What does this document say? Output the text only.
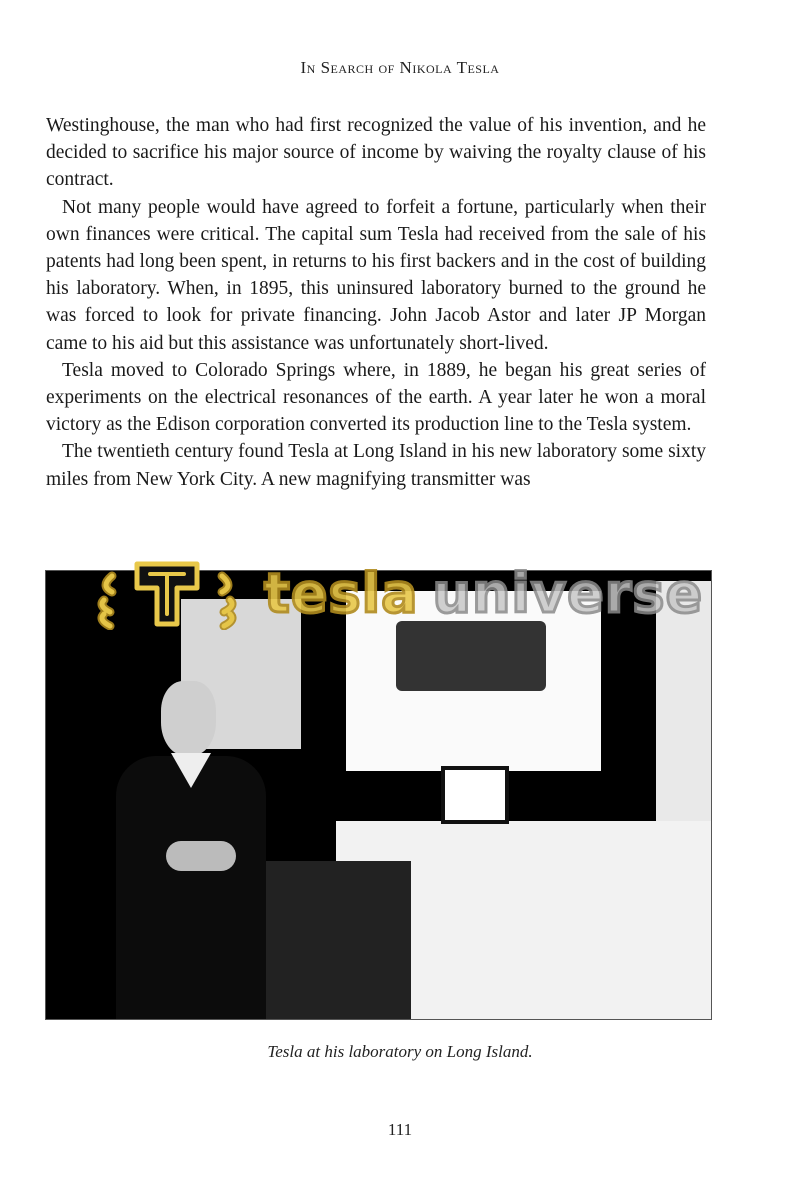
In Search of Nikola Tesla

Westinghouse, the man who had first recognized the value of his invention, and he decided to sacrifice his major source of income by waiving the royalty clause of his contract.

Not many people would have agreed to forfeit a fortune, particularly when their own finances were critical. The capital sum Tesla had received from the sale of his patents had long been spent, in returns to his first backers and in the cost of building his laboratory. When, in 1895, this uninsured laboratory burned to the ground he was forced to look for private financing. John Jacob Astor and later JP Morgan came to his aid but this assistance was unfortunately short-lived.

Tesla moved to Colorado Springs where, in 1889, he began his great series of experiments on the electrical resonances of the earth. A year later he won a moral victory as the Edison corporation converted its production line to the Tesla system.

The twentieth century found Tesla at Long Island in his new laboratory some sixty miles from New York City. A new magnifying transmitter was

tesla universe
Tesla at his laboratory on Long Island.
111
